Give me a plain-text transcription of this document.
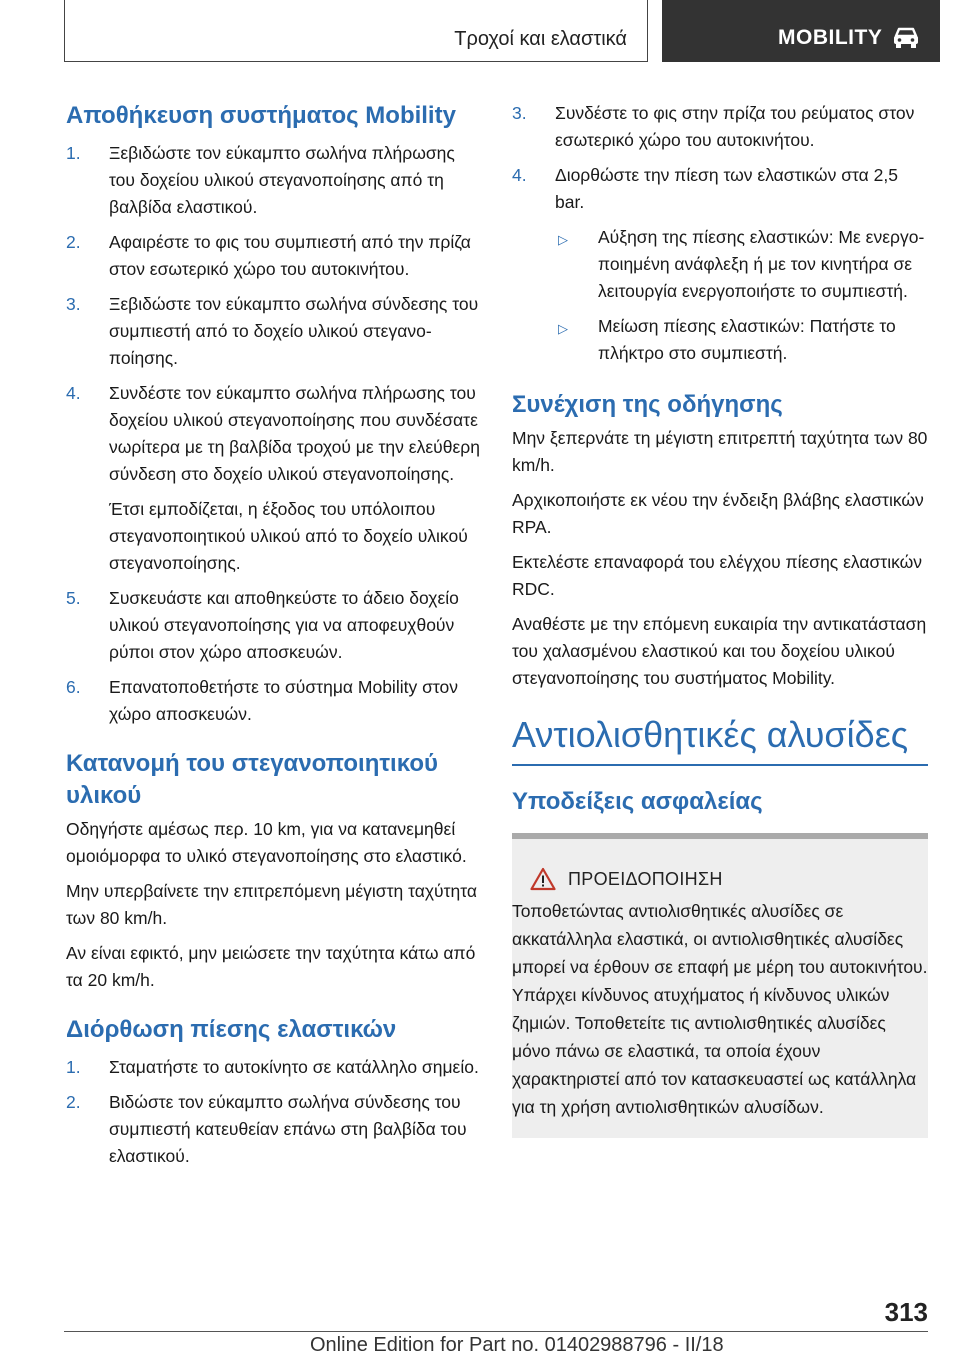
Τροχοί και ελαστικά	MOBILITY
Αποθήκευση συστήματος Mobility
1. Ξεβιδώστε τον εύκαμπτο σωλήνα πλήρωσης του δοχείου υλικού στεγανοποίησης από τη βαλβίδα ελαστικού.
2. Αφαιρέστε το φις του συμπιεστή από την πρίζα στον εσωτερικό χώρο του αυτοκινήτου.
3. Ξεβιδώστε τον εύκαμπτο σωλήνα σύνδεσης του συμπιεστή από το δοχείο υλικού στεγανοποίησης.
4. Συνδέστε τον εύκαμπτο σωλήνα πλήρωσης του δοχείου υλικού στεγανοποίησης που συνδέσατε νωρίτερα με τη βαλβίδα τροχού με την ελεύθερη σύνδεση στο δοχείο υλικού στεγανοποίησης.
Έτσι εμποδίζεται, η έξοδος του υπόλοιπου στεγανοποιητικού υλικού από το δοχείο υλικού στεγανοποίησης.
5. Συσκευάστε και αποθηκεύστε το άδειο δοχείο υλικού στεγανοποίησης για να αποφευχθούν ρύποι στον χώρο αποσκευών.
6. Επανατοποθετήστε το σύστημα Mobility στον χώρο αποσκευών.
Κατανομή του στεγανοποιητικού υλικού

Οδηγήστε αμέσως περ. 10 km, για να κατανεμηθεί ομοιόμορφα το υλικό στεγανοποίησης στο ελαστικό.

Μην υπερβαίνετε την επιτρεπόμενη μέγιστη ταχύτητα των 80 km/h.

Αν είναι εφικτό, μην μειώσετε την ταχύτητα κάτω από τα 20 km/h.

Διόρθωση πίεσης ελαστικών
1. Σταματήστε το αυτοκίνητο σε κατάλληλο σημείο.
2. Βιδώστε τον εύκαμπτο σωλήνα σύνδεσης του συμπιεστή κατευθείαν επάνω στη βαλβίδα του ελαστικού.
3. Συνδέστε το φις στην πρίζα του ρεύματος στον εσωτερικό χώρο του αυτοκινήτου.
4. Διορθώστε την πίεση των ελαστικών στα 2,5 bar.
▷ Αύξηση της πίεσης ελαστικών: Με ενεργοποιημένη ανάφλεξη ή με τον κινητήρα σε λειτουργία ενεργοποιήστε το συμπιεστή.
▷ Μείωση πίεσης ελαστικών: Πατήστε το πλήκτρο στο συμπιεστή.
Συνέχιση της οδήγησης

Μην ξεπερνάτε τη μέγιστη επιτρεπτή ταχύτητα των 80 km/h.

Αρχικοποιήστε εκ νέου την ένδειξη βλάβης ελαστικών RPA.

Εκτελέστε επαναφορά του ελέγχου πίεσης ελαστικών RDC.

Αναθέστε με την επόμενη ευκαιρία την αντικατάσταση του χαλασμένου ελαστικού και του δοχείου υλικού στεγανοποίησης του συστήματος Mobility.

Αντιολισθητικές αλυσίδες
Υποδείξεις ασφαλείας
ΠΡΟΕΙΔΟΠΟΙΗΣΗ
Τοποθετώντας αντιολισθητικές αλυσίδες σε ακκατάλληλα ελαστικά, οι αντιολισθητικές αλυσίδες μπορεί να έρθουν σε επαφή με μέρη του αυτοκινήτου. Υπάρχει κίνδυνος ατυχήματος ή κίνδυνος υλικών ζημιών. Τοποθετείτε τις αντιολισθητικές αλυσίδες μόνο πάνω σε ελαστικά, τα οποία έχουν χαρακτηριστεί από τον κατασκευαστεί ως κατάλληλα για τη χρήση αντιολισθητικών αλυσίδων.
313
Online Edition for Part no. 01402988796 - II/18
